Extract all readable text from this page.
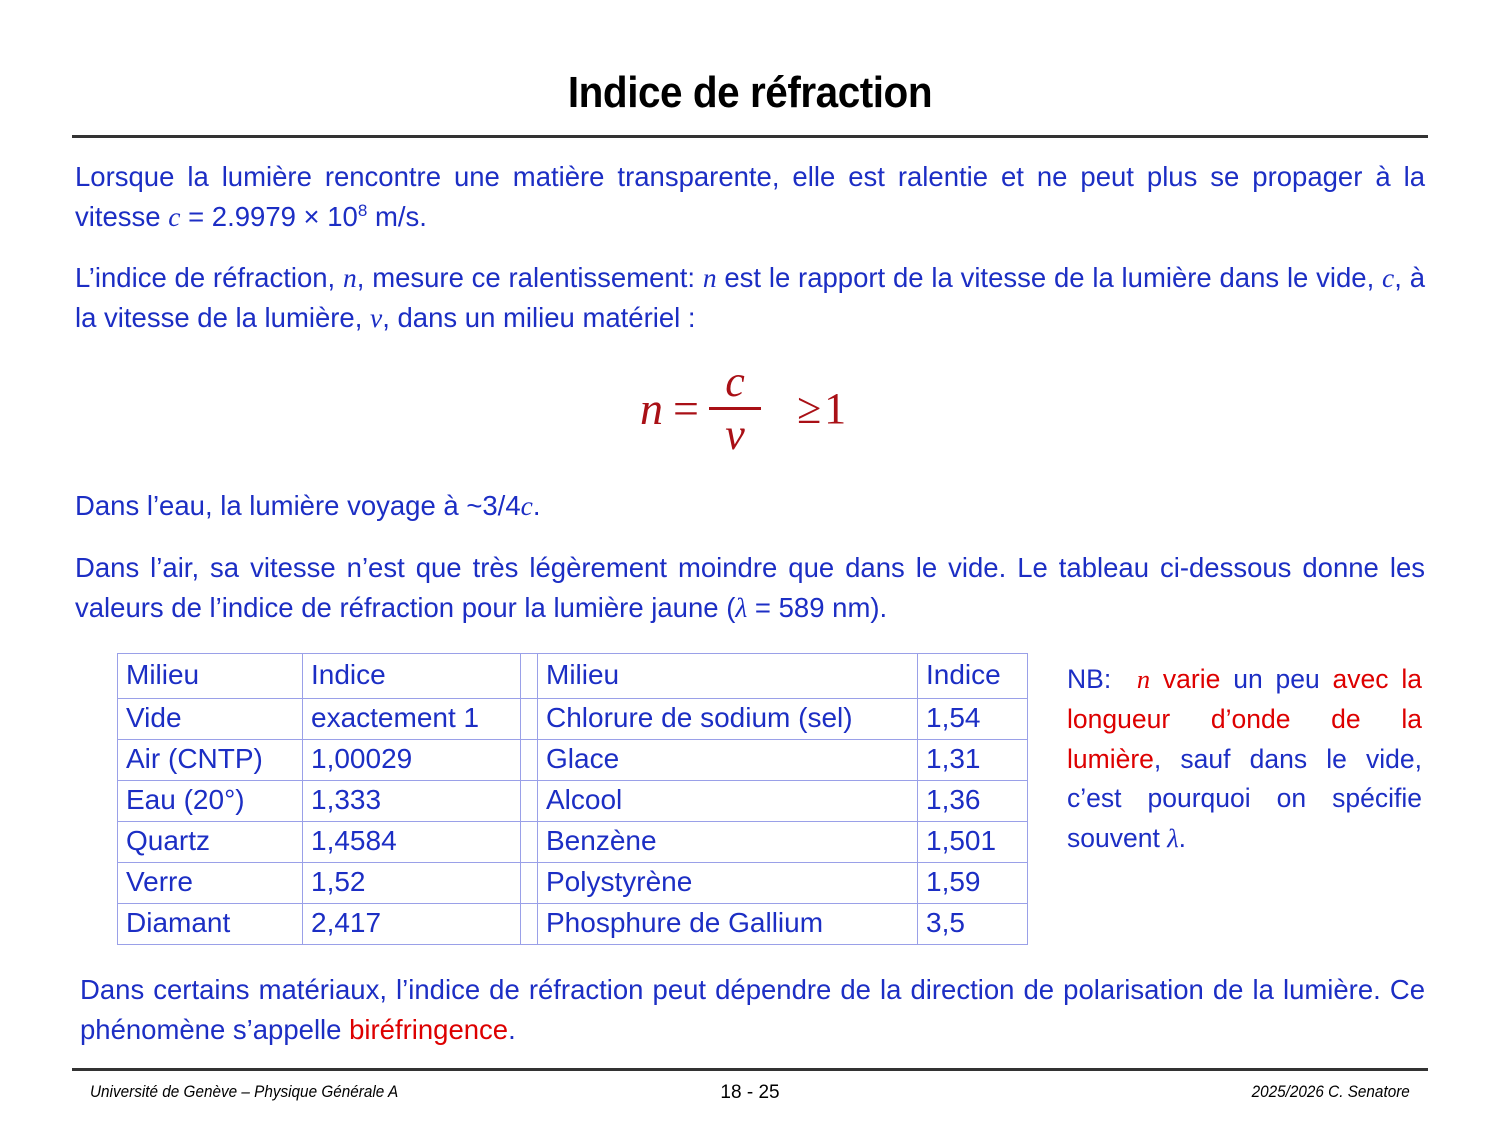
Indice de réfraction
Lorsque la lumière rencontre une matière transparente, elle est ralentie et ne peut plus se propager à la vitesse $c = 2.9979 \times 10^8$ m/s.
L’indice de réfraction, n, mesure ce ralentissement: n est le rapport de la vitesse de la lumière dans le vide, c, à la vitesse de la lumière, v, dans un milieu matériel :
$n = \frac{c}{v} \ge 1$
Dans l’eau, la lumière voyage à ~3/4c.
Dans l’air, sa vitesse n’est que très légèrement moindre que dans le vide. Le tableau ci-dessous donne les valeurs de l’indice de réfraction pour la lumière jaune (λ = 589 nm).
Milieu	Indice		Milieu	Indice
Vide	exactement 1		Chlorure de sodium (sel)	1,54
Air (CNTP)	1,00029		Glace	1,31
Eau (20°)	1,333		Alcool	1,36
Quartz	1,4584		Benzène	1,501
Verre	1,52		Polystyrène	1,59
Diamant	2,417		Phosphure de Gallium	3,5
NB: n varie un peu avec la longueur d’onde de la lumière, sauf dans le vide, c’est pourquoi on spécifie souvent λ.
Dans certains matériaux, l’indice de réfraction peut dépendre de la direction de polarisation de la lumière. Ce phénomène s’appelle biréfringence.
Université de Genève – Physique Générale A	18 - 25	2025/2026 C. Senatore
